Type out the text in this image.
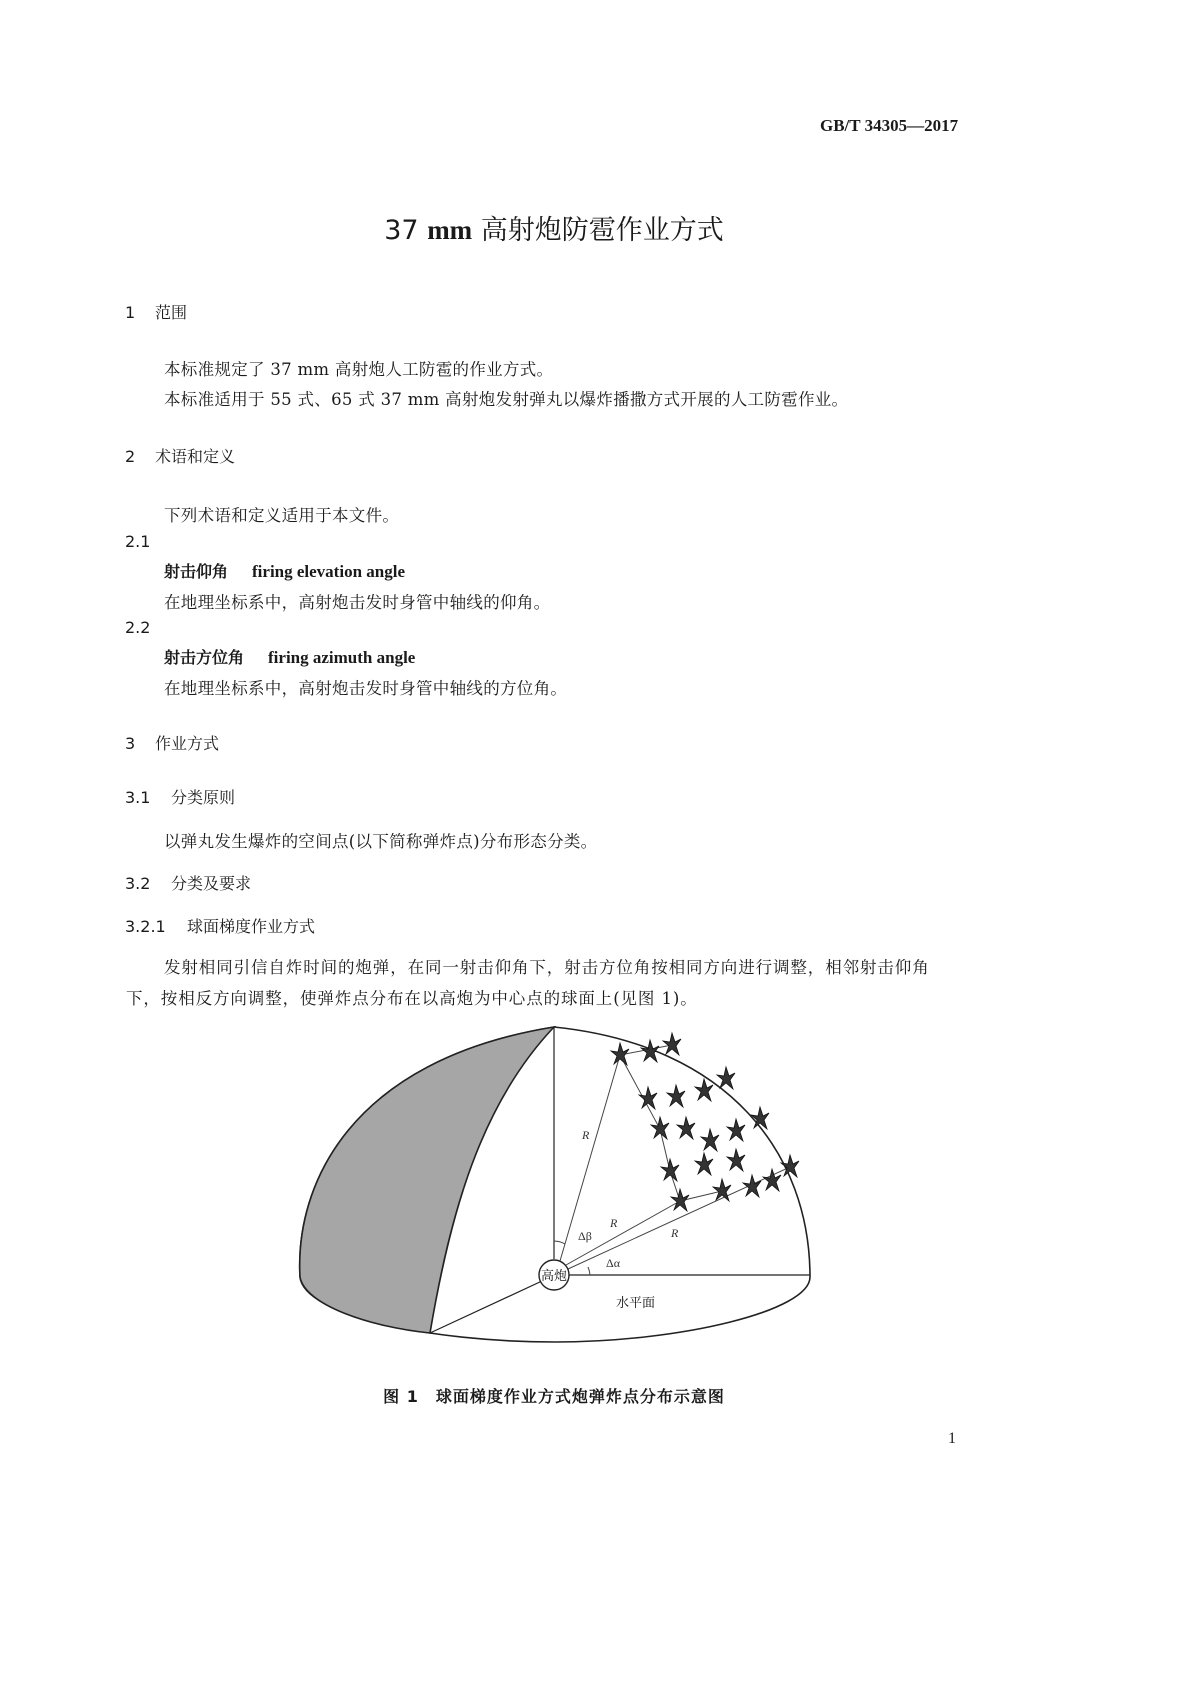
GB/T 34305—2017
37 mm 高射炮防雹作业方式
1 范围
本标准规定了 37 mm 高射炮人工防雹的作业方式。
本标准适用于 55 式、65 式 37 mm 高射炮发射弹丸以爆炸播撒方式开展的人工防雹作业。
2 术语和定义
下列术语和定义适用于本文件。
2.1
射击仰角 firing elevation angle
在地理坐标系中，高射炮击发时身管中轴线的仰角。
2.2
射击方位角 firing azimuth angle
在地理坐标系中，高射炮击发时身管中轴线的方位角。
3 作业方式
3.1 分类原则
以弹丸发生爆炸的空间点(以下简称弹炸点)分布形态分类。
3.2 分类及要求
3.2.1 球面梯度作业方式
发射相同引信自炸时间的炮弹，在同一射击仰角下，射击方位角按相同方向进行调整，相邻射击仰角下，按相反方向调整，使弹炸点分布在以高炮为中心点的球面上(见图 1)。
高炮
R
R
R
Δβ
Δα
水平面
图 1　球面梯度作业方式炮弹炸点分布示意图
1
